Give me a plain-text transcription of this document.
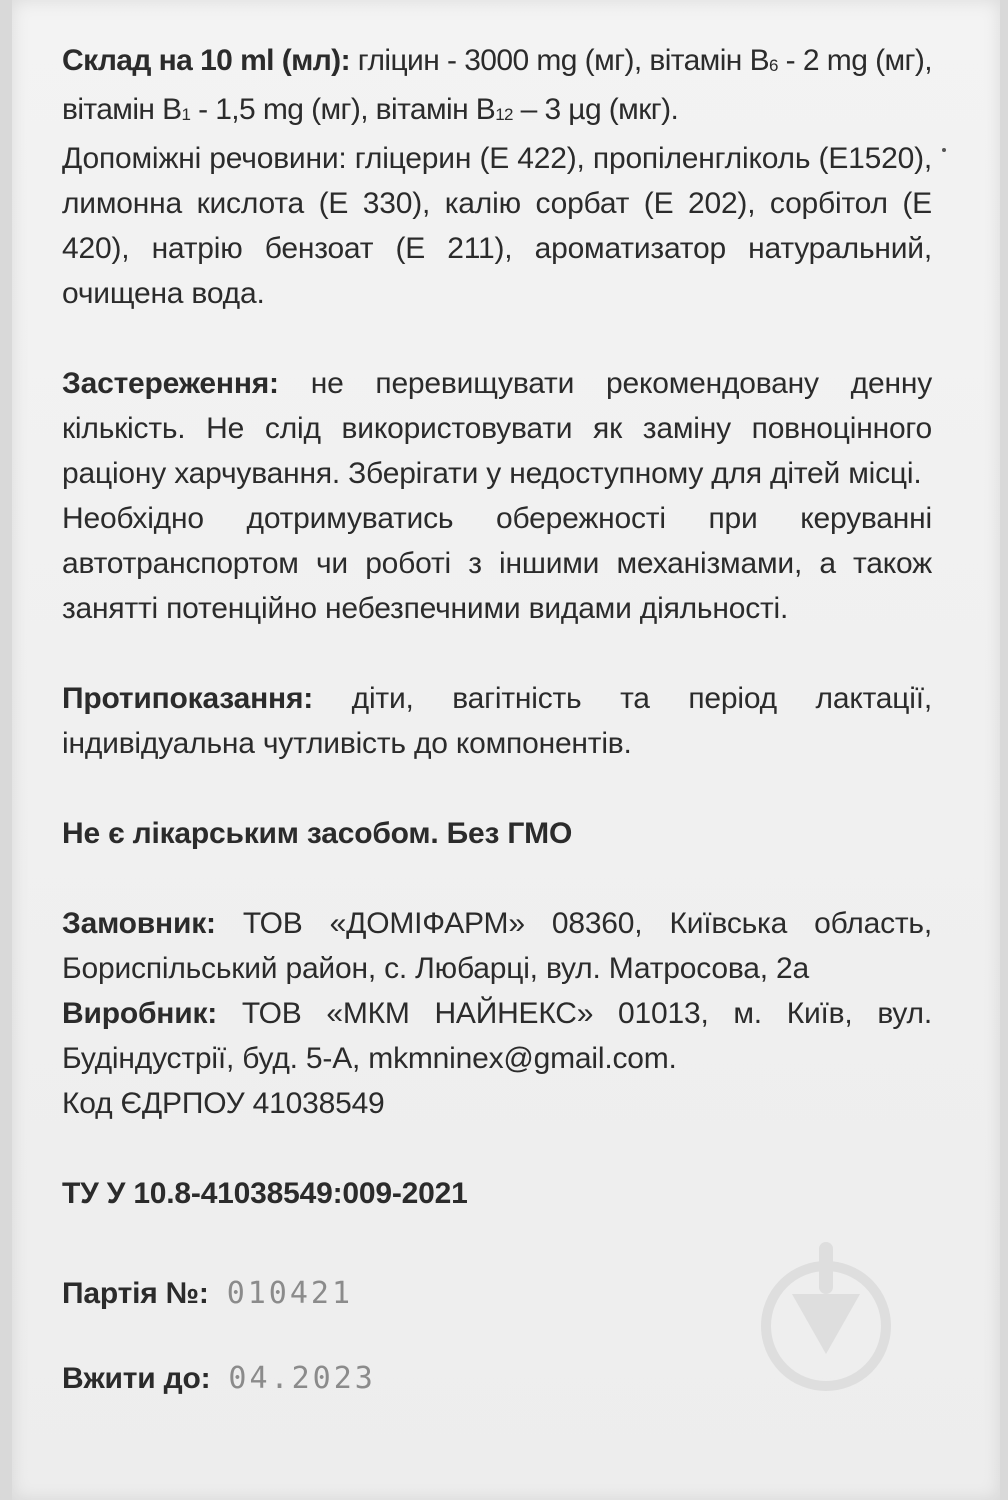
Склад на 10 ml (мл): гліцин - 3000 mg (мг), вітамін $B_6 - 2$ mg (мг), вітамін $B_1 - 1,5$ mg (мг), вітамін $B_{12} - 3$ µg (мкг).

Допоміжні речовини: гліцерин (Е 422), пропіленгліколь (Е1520), лимонна кислота (Е 330), калію сорбат (Е 202), сорбітол (Е 420), натрію бензоат (Е 211), ароматизатор натуральний, очищена вода.

Застереження: не перевищувати рекомендовану денну кількість. Не слід використовувати як заміну повноцінного раціону харчування. Зберігати у недоступному для дітей місці.

Необхідно дотримуватись обережності при керуванні автотранспортом чи роботі з іншими механізмами, а також занятті потенційно небезпечними видами діяльності.

Протипоказання: діти, вагітність та період лактації, індивідуальна чутливість до компонентів.

Не є лікарським засобом. Без ГМО

Замовник: ТОВ «ДОМІФАРМ» 08360, Київська область, Бориспільський район, с. Любарці, вул. Матросова, 2а

Виробник: ТОВ «МКМ НАЙНЕКС» 01013, м. Київ, вул. Будіндустрії, буд. 5-А, mkmninex@gmail.com.

Код ЄДРПОУ 41038549

ТУ У 10.8-41038549:009-2021

Партія №: 010421
Вжити до: 04.2023
